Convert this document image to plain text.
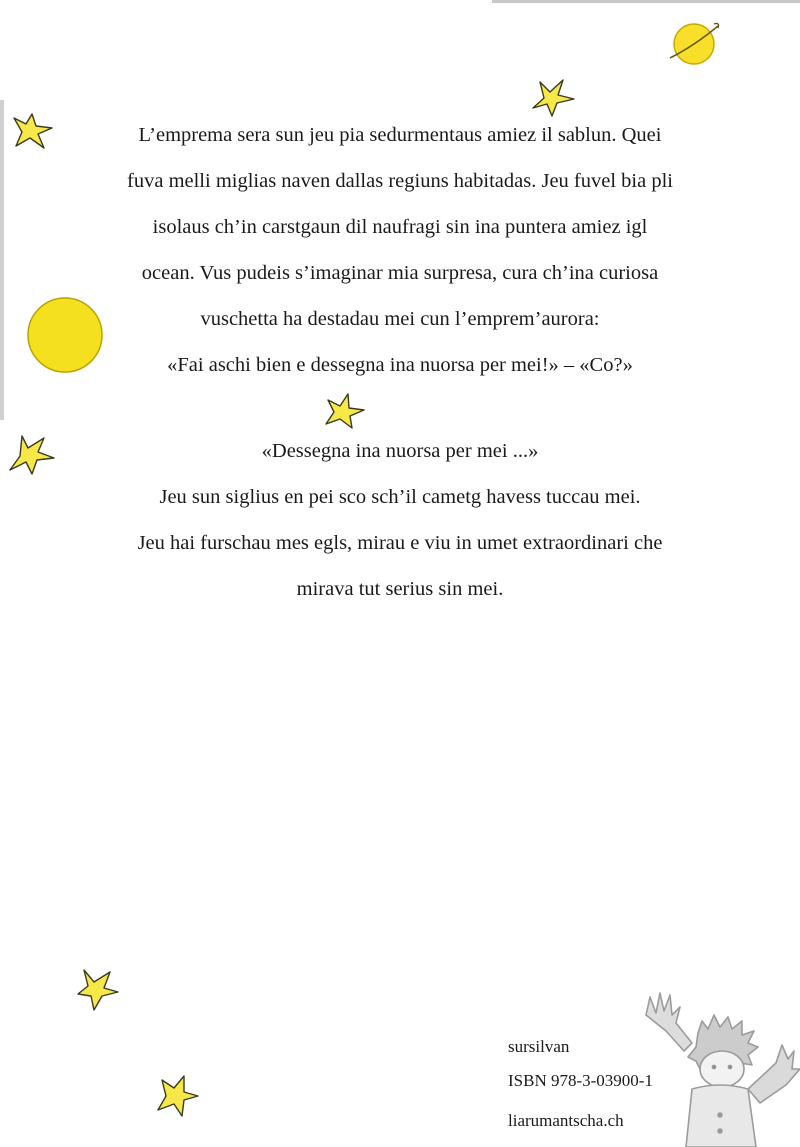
L’emprema sera sun jeu pia sedurmentaus amiez il sablun. Quei
fuva melli miglias naven dallas regiuns habitadas. Jeu fuvel bia pli
isolaus ch’in carstgaun dil naufragi sin ina puntera amiez igl
ocean. Vus pudeis s’imaginar mia surpresa, cura ch’ina curiosa
vuschetta ha destadau mei cun l’emprem’aurora:
«Fai aschi bien e dessegna ina nuorsa per mei!» – «Co?»
«Dessegna ina nuorsa per mei ...»
Jeu sun siglius en pei sco sch’il cametg havess tuccau mei.
Jeu hai furschau mes egls, mirau e viu in umet extraordinari che
mirava tut serius sin mei.
sursilvan
ISBN 978-3-03900-1
liarumantscha.ch
